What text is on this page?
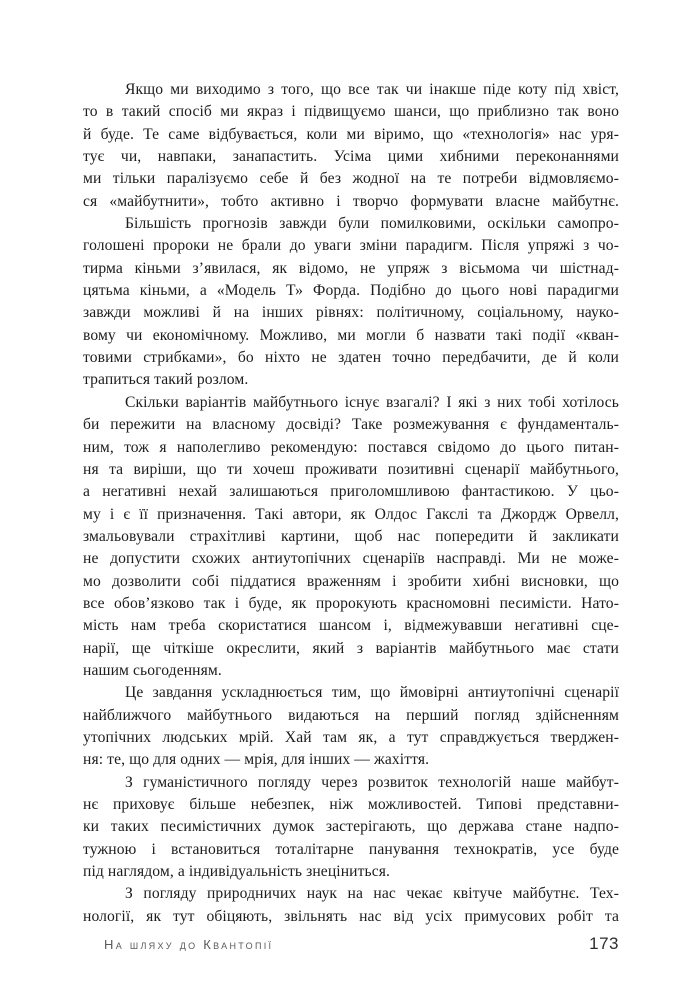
Якщо ми виходимо з того, що все так чи інакше піде коту під хвіст,
то в такий спосіб ми якраз і підвищуємо шанси, що приблизно так воно
й буде. Те саме відбувається, коли ми віримо, що «технологія» нас уря-
тує чи, навпаки, занапастить. Усіма цими хибними переконаннями
ми тільки паралізуємо себе й без жодної на те потреби відмовляємо-
ся «майбутнити», тобто активно і творчо формувати власне майбутнє.
Більшість прогнозів завжди були помилковими, оскільки самопро-
голошені пророки не брали до уваги зміни парадигм. Після упряжі з чо-
тирма кіньми з’явилася, як відомо, не упряж з вісьмома чи шістнад-
цятьма кіньми, а «Модель Т» Форда. Подібно до цього нові парадигми
завжди можливі й на інших рівнях: політичному, соціальному, науко-
вому чи економічному. Можливо, ми могли б назвати такі події «кван-
товими стрибками», бо ніхто не здатен точно передбачити, де й коли
трапиться такий розлом.
Скільки варіантів майбутнього існує взагалі? І які з них тобі хотілось
би пережити на власному досвіді? Таке розмежування є фундаменталь-
ним, тож я наполегливо рекомендую: постався свідомо до цього питан-
ня та виріши, що ти хочеш проживати позитивні сценарії майбутнього,
а негативні нехай залишаються приголомшливою фантастикою. У цьо-
му і є її призначення. Такі автори, як Олдос Гакслі та Джордж Орвелл,
змальовували страхітливі картини, щоб нас попередити й закликати
не допустити схожих антиутопічних сценаріїв насправді. Ми не може-
мо дозволити собі піддатися враженням і зробити хибні висновки, що
все обов’язково так і буде, як пророкують красномовні песимісти. Нато-
мість нам треба скористатися шансом і, відмежувавши негативні сце-
нарії, ще чіткіше окреслити, який з варіантів майбутнього має стати
нашим сьогоденням.
Це завдання ускладнюється тим, що ймовірні антиутопічні сценарії
найближчого майбутнього видаються на перший погляд здійсненням
утопічних людських мрій. Хай там як, а тут справджується тверджен-
ня: те, що для одних — мрія, для інших — жахіття.
З гуманістичного погляду через розвиток технологій наше майбут-
нє приховує більше небезпек, ніж можливостей. Типові представни-
ки таких песимістичних думок застерігають, що держава стане надпо-
тужною і встановиться тоталітарне панування технократів, усе буде
під наглядом, а індивідуальність знеціниться.
З погляду природничих наук на нас чекає квітуче майбутнє. Тех-
нології, як тут обіцяють, звільнять нас від усіх примусових робіт та
На шляху до Квантопії	173
